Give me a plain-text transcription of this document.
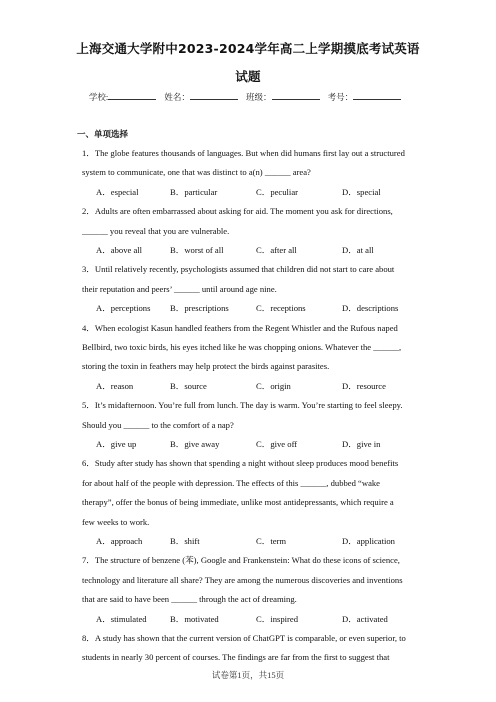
上海交通大学附中2023-2024学年高二上学期摸底考试英语
试题
学校:	姓名：	班级：	考号：
一、单项选择
1．The globe features thousands of languages. But when did humans first lay out a structured
system to communicate, one that was distinct to a(n) ______ area?
A．especial	B．particular	C．peculiar	D．special
2．Adults are often embarrassed about asking for aid. The moment you ask for directions,
______ you reveal that you are vulnerable.
A．above all	B．worst of all	C．after all	D．at all
3．Until relatively recently, psychologists assumed that children did not start to care about
their reputation and peers’ ______ until around age nine.
A．perceptions B．prescriptions	C．receptions	D．descriptions
4．When ecologist Kasun handled feathers from the Regent Whistler and the Rufous naped
Bellbird, two toxic birds, his eyes itched like he was chopping onions. Whatever the ______,
storing the toxin in feathers may help protect the birds against parasites.
A．reason	B．source	C．origin	D．resource
5．It’s midafternoon. You’re full from lunch. The day is warm. You’re starting to feel sleepy.
Should you ______ to the comfort of a nap?
A．give up	B．give away	C．give off	D．give in
6．Study after study has shown that spending a night without sleep produces mood benefits
for about half of the people with depression. The effects of this ______, dubbed “wake
therapy”, offer the bonus of being immediate, unlike most antidepressants, which require a
few weeks to work.
A．approach	B．shift	C．term	D．application
7．The structure of benzene (苯), Google and Frankenstein: What do these icons of science,
technology and literature all share? They are among the numerous discoveries and inventions
that are said to have been ______ through the act of dreaming.
A．stimulated	B．motivated	C．inspired	D．activated
8．A study has shown that the current version of ChatGPT is comparable, or even superior, to
students in nearly 30 percent of courses. The findings are far from the first to suggest that
试卷第1页，共15页
